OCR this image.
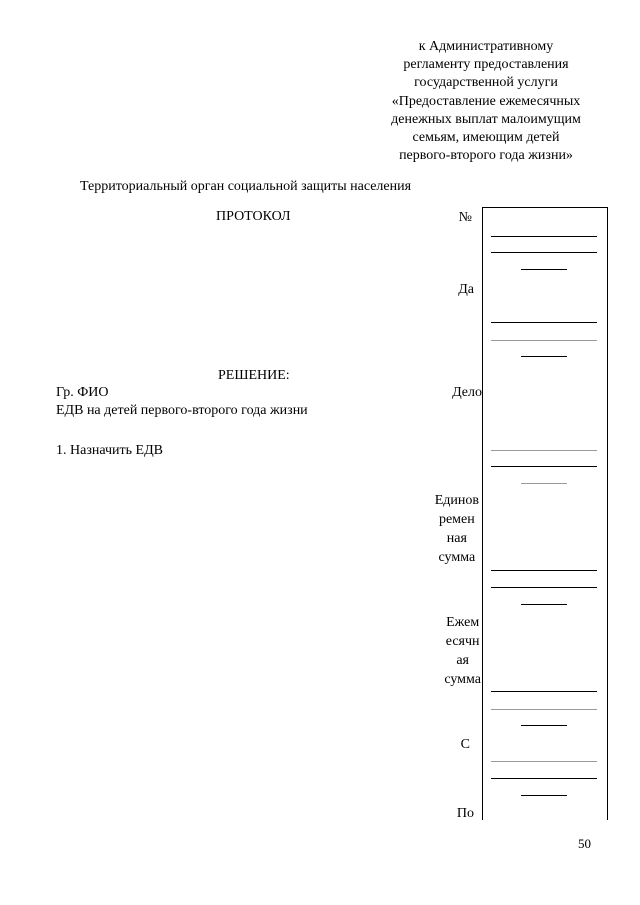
к Административному
регламенту предоставления
государственной услуги
«Предоставление ежемесячных
денежных выплат малоимущим
семьям, имеющим детей
первого-второго года жизни»
Территориальный орган социальной защиты населения
ПРОТОКОЛ
РЕШЕНИЕ:
Гр. ФИО
ЕДВ на детей первого-второго года жизни
1. Назначить ЕДВ
№
Да
Дело
Единов
ремен
ная
сумма
Ежем
есячн
ая
сумма
С
По
50
